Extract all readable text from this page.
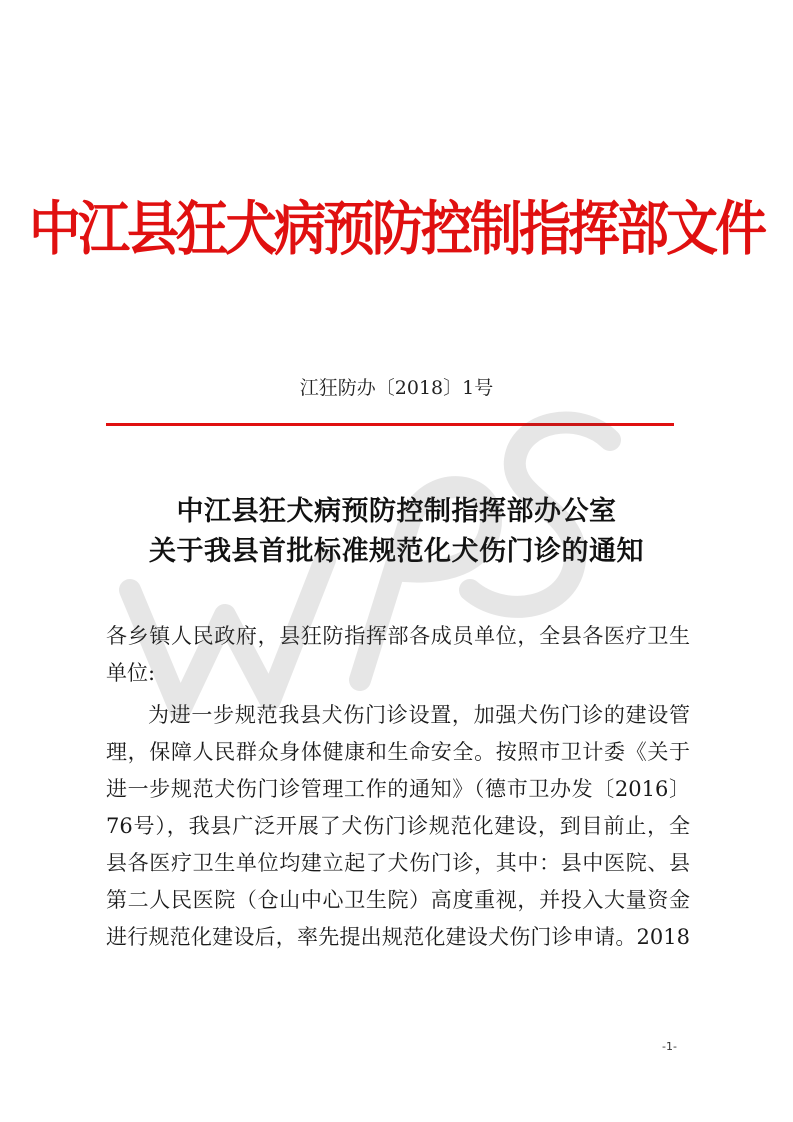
中江县狂犬病预防控制指挥部文件
江狂防办〔2018〕1号
中江县狂犬病预防控制指挥部办公室
关于我县首批标准规范化犬伤门诊的通知
各乡镇人民政府，县狂防指挥部各成员单位，全县各医疗卫生
单位:
为进一步规范我县犬伤门诊设置，加强犬伤门诊的建设管
理，保障人民群众身体健康和生命安全。按照市卫计委《关于
进一步规范犬伤门诊管理工作的通知》（德市卫办发〔2016〕
76号），我县广泛开展了犬伤门诊规范化建设，到目前止，全
县各医疗卫生单位均建立起了犬伤门诊，其中：县中医院、县
第二人民医院（仓山中心卫生院）高度重视，并投入大量资金
进行规范化建设后，率先提出规范化建设犬伤门诊申请。2018
-1-
